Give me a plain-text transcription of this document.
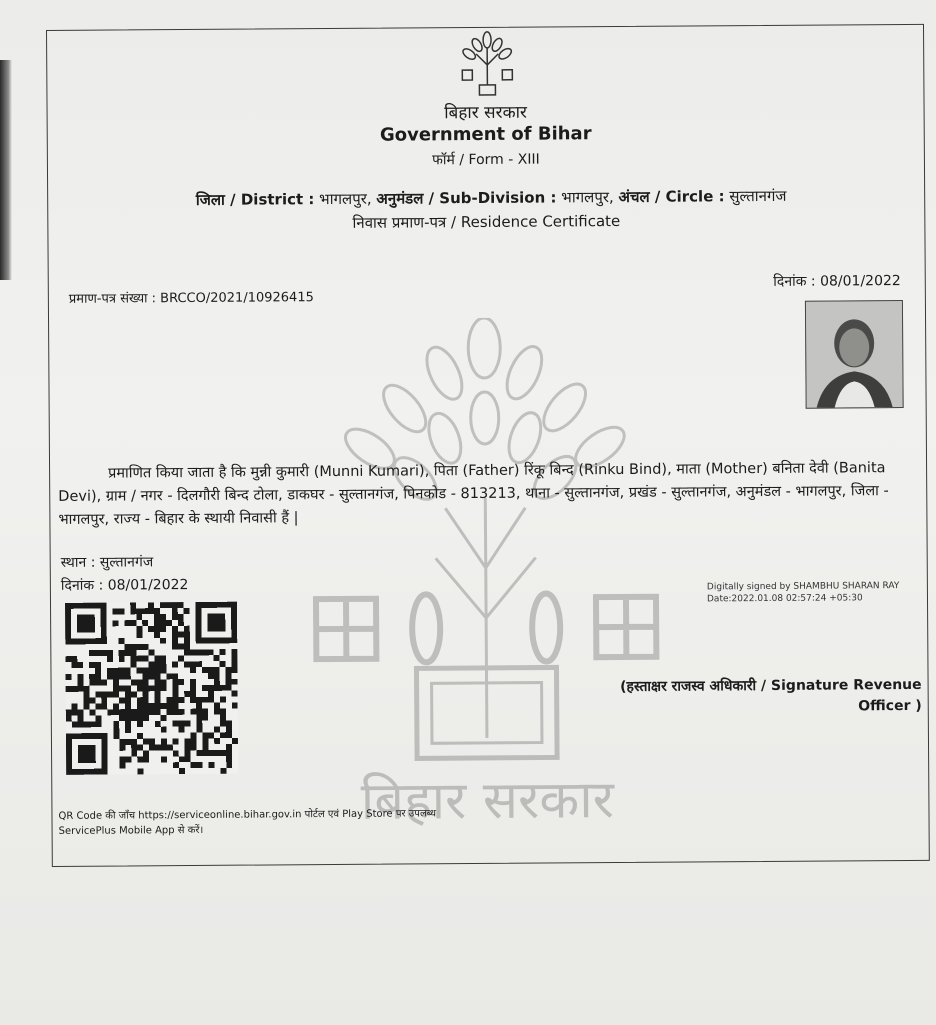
बिहार सरकार
बिहार सरकार
Government of Bihar
फॉर्म / Form - XIII
जिला / District : भागलपुर, अनुमंडल / Sub-Division : भागलपुर, अंचल / Circle : सुल्तानगंज
निवास प्रमाण-पत्र / Residence Certificate
प्रमाण-पत्र संख्या : BRCCO/2021/10926415
दिनांक : 08/01/2022
प्रमाणित किया जाता है कि मुन्नी कुमारी (Munni Kumari), पिता (Father) रिंकू बिन्द (Rinku Bind), माता (Mother) बनिता देवी (Banita Devi), ग्राम / नगर - दिलगौरी बिन्द टोला, डाकघर - सुल्तानगंज, पिनकोड - 813213, थाना - सुल्तानगंज, प्रखंड - सुल्तानगंज, अनुमंडल - भागलपुर, जिला - भागलपुर, राज्य - बिहार के स्थायी निवासी हैं |
स्थान : सुल्तानगंज
दिनांक : 08/01/2022	Digitally signed by SHAMBHU SHARAN RAY
Date:2022.01.08 02:57:24 +05:30
(हस्ताक्षर राजस्व अधिकारी / Signature Revenue
Officer )
QR Code की जाँच https://serviceonline.bihar.gov.in पोर्टल एवं Play Store पर उपलब्ध
ServicePlus Mobile App से करें।
